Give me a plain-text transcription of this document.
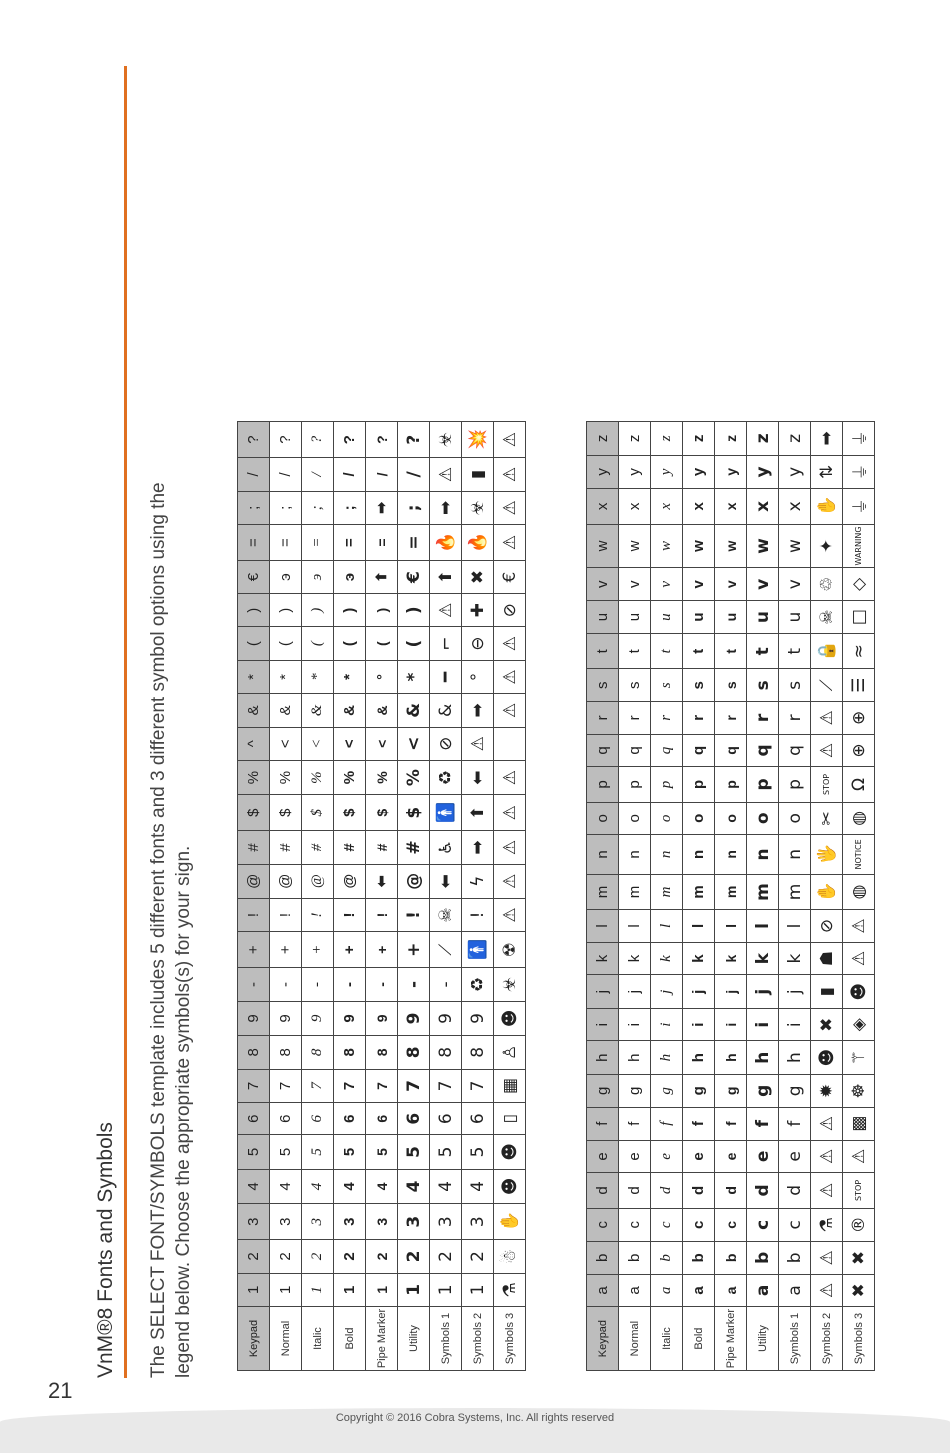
21
VnM®8 Fonts and Symbols The SELECT FONT/SYMBOLS template includes 5 different fonts and 3 different symbol options using the legend below. Choose the appropriate symbols(s) for your sign.	Keypad	1	2	3	4	5	6	7	8	9	-	+	!	@	#	$	%	^	&	*	(	)	€	=	;	/	?
Normal	1	2	3	4	5	6	7	8	9	-	+	!	@	#	$	%	<	&	*	(	)	э	=	;	/	?
Italic	1	2	3	4	5	6	7	8	9	-	+	!	@	#	$	%	<	&	*	(	)	э	=	;	/	?
Bold	1	2	3	4	5	6	7	8	9	-	+	!	@	#	$	%	<	&	*	(	)	э	=	;	/	?
Pipe Marker	1	2	3	4	5	6	7	8	9	-	+	!	⬅	#	$	%	<	&	°	(	)	⬆	=	➡	/	?
Utility	1	2	3	4	5	6	7	8	9	-	+	!	@	#	$	%	<	&	*	(	)	€	=	;	/	?
Symbols 1	1	2	3	4	5	6	7	8	9	-	⟋	☠	⬅	♿	🚹	♻	⊘	&	━	⌐	⚠	⬆	🔥	➡	⚠	☣
Symbols 2	1	2	3	4	5	6	7	8	9	♻	🚹	!	ϟ	➡	⬆	⬅	⚠	➡	°	⊖	✚	✖	🔥	☣	▮	💥
Symbols 3	⚗	☃	✋	☻	☻	▯	▦	♙	☻	☣	☢	⚠	⚠	⚠	⚠	⚠		⚠	⚠	⚠	⊘	€	⚠	⚠	⚠	⚠
Keypad	a	b	c	d	e	f	g	h	i	j	k	l	m	n	o	p	q	r	s	t	u	v	w	x	y	z
Normal	a	b	c	d	e	f	g	h	i	j	k	l	m	n	o	p	q	r	s	t	u	v	w	x	y	z
Italic	a	b	c	d	e	f	g	h	i	j	k	l	m	n	o	p	q	r	s	t	u	v	w	x	y	z
Bold	a	b	c	d	e	f	g	h	i	j	k	l	m	n	o	p	q	r	s	t	u	v	w	x	y	z
Pipe Marker	a	b	c	d	e	f	g	h	i	j	k	l	m	n	o	p	q	r	s	t	u	v	w	x	y	z
Utility	a	b	c	d	e	f	g	h	i	j	k	l	m	n	o	p	q	r	s	t	u	v	w	x	y	z
Symbols 1	a	b	c	d	e	f	g	h	i	j	k	l	m	n	o	p	q	r	s	t	u	v	w	x	y	z
Symbols 2	⚠	⚠	⚗	⚠	⚠	⚠	✹	☻	✖	▮	☗	⊘	✋	🖐	✂	STOP	⚠	⚠	⟋	🔒	☠	♲	✦	✋	⇅	➡
Symbols 3	✖	✖	®	STOP	⚠	▩	☸	⚚	◈	☻	⚠	⚠	◍	NOTICE	◍	Ω	⊕	⊕	☰	≈	□	◇	WARNING	⏚	⏚	⏚
Copyright © 2016 Cobra Systems, Inc. All rights reserved
